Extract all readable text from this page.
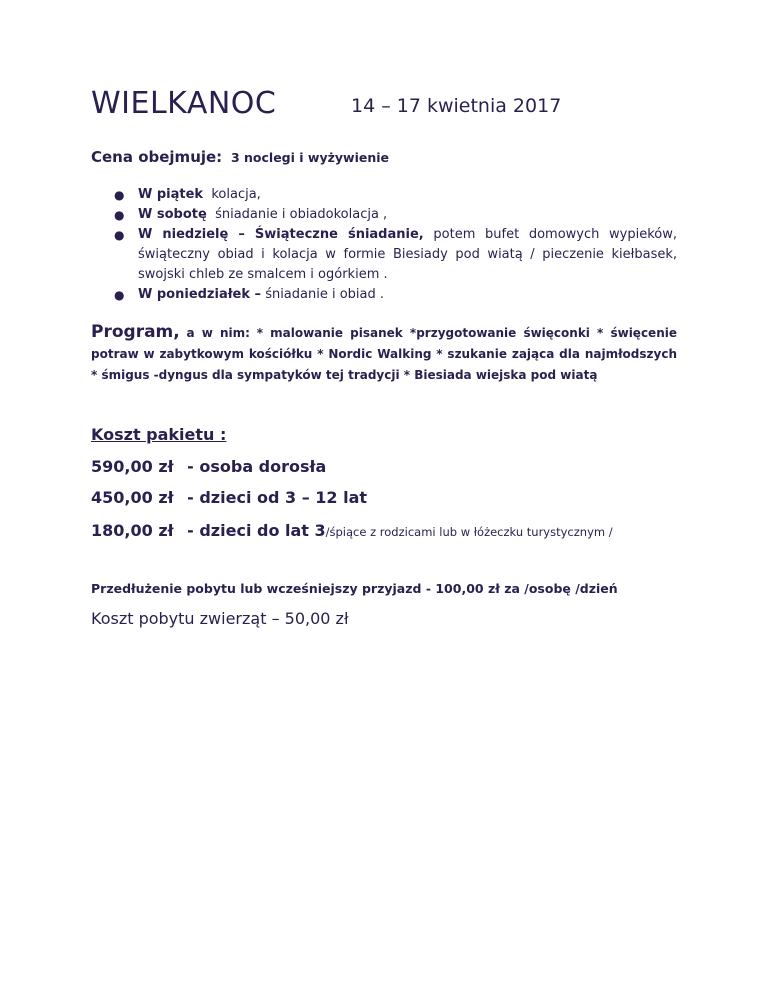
WIELKANOC	14 – 17 kwietnia 2017
Cena obejmuje: 3 noclegi i wyżywienie
● W piątek kolacja,
● W sobotę śniadanie i obiadokolacja ,
● W niedzielę – Świąteczne śniadanie, potem bufet domowych wypieków, świąteczny obiad i kolacja w formie Biesiady pod wiatą / pieczenie kiełbasek, swojski chleb ze smalcem i ogórkiem .
● W poniedziałek – śniadanie i obiad .
Program, a w nim: * malowanie pisanek *przygotowanie święconki * święcenie potraw w zabytkowym kościółku * Nordic Walking * szukanie zająca dla najmłodszych * śmigus -dyngus dla sympatyków tej tradycji * Biesiada wiejska pod wiatą
Koszt pakietu :
590,00 zł - osoba dorosła
450,00 zł - dzieci od 3 – 12 lat
180,00 zł - dzieci do lat 3/śpiące z rodzicami lub w łóżeczku turystycznym /
Przedłużenie pobytu lub wcześniejszy przyjazd - 100,00 zł za /osobę /dzień
Koszt pobytu zwierząt – 50,00 zł
